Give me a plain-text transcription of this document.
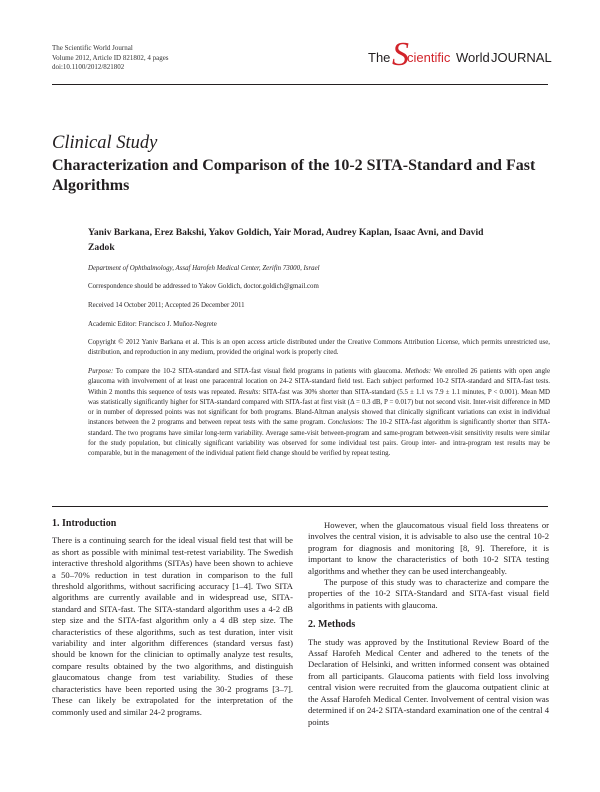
The Scientific World Journal
Volume 2012, Article ID 821802, 4 pages
doi:10.1100/2012/821802
The S
cientific World JOURNAL
Clinical Study
Characterization and Comparison of the 10-2 SITA-Standard and Fast Algorithms
Yaniv Barkana, Erez Bakshi, Yakov Goldich, Yair Morad, Audrey Kaplan, Isaac Avni, and David Zadok
Department of Ophthalmology, Assaf Harofeh Medical Center, Zerifin 73000, Israel
Correspondence should be addressed to Yakov Goldich, doctor.goldich@gmail.com
Received 14 October 2011; Accepted 26 December 2011
Academic Editor: Francisco J. Muñoz-Negrete
Copyright © 2012 Yaniv Barkana et al. This is an open access article distributed under the Creative Commons Attribution License, which permits unrestricted use, distribution, and reproduction in any medium, provided the original work is properly cited.
Purpose: To compare the 10-2 SITA-standard and SITA-fast visual field programs in patients with glaucoma. Methods: We enrolled 26 patients with open angle glaucoma with involvement of at least one paracentral location on 24-2 SITA-standard field test. Each subject performed 10-2 SITA-standard and SITA-fast tests. Within 2 months this sequence of tests was repeated. Results: SITA-fast was 30% shorter than SITA-standard (5.5 ± 1.1 vs 7.9 ± 1.1 minutes, P < 0.001). Mean MD was statistically significantly higher for SITA-standard compared with SITA-fast at first visit (Δ = 0.3 dB, P = 0.017) but not second visit. Inter-visit difference in MD or in number of depressed points was not significant for both programs. Bland-Altman analysis showed that clinically significant variations can exist in individual instances between the 2 programs and between repeat tests with the same program. Conclusions: The 10-2 SITA-fast algorithm is significantly shorter than SITA-standard. The two programs have similar long-term variability. Average same-visit between-program and same-program between-visit sensitivity results were similar for the study population, but clinically significant variability was observed for some individual test pairs. Group inter- and intra-program test results may be comparable, but in the management of the individual patient field change should be verified by repeat testing.

1. Introduction

There is a continuing search for the ideal visual field test that will be as short as possible with minimal test-retest variability. The Swedish interactive threshold algorithms (SITAs) have been shown to achieve a 50–70% reduction in test duration in comparison to the full threshold algorithms, without sacrificing accuracy [1–4]. Two SITA algorithms are currently available and in widespread use, SITA-standard and SITA-fast. The SITA-standard algorithm uses a 4-2 dB step size and the SITA-fast algorithm only a 4 dB step size. The characteristics of these algorithms, such as test duration, inter visit variability and inter algorithm differences (standard versus fast) should be known for the clinician to optimally analyze test results, compare results obtained by the two algorithms, and distinguish glaucomatous change from test variability. Studies of these characteristics have been reported using the 30-2 programs [3–7]. These can likely be extrapolated for the interpretation of the commonly used and similar 24-2 programs.

However, when the glaucomatous visual field loss threatens or involves the central vision, it is advisable to also use the central 10-2 program for diagnosis and monitoring [8, 9]. Therefore, it is important to know the characteristics of both 10-2 SITA testing algorithms and whether they can be used interchangeably.

The purpose of this study was to characterize and compare the properties of the 10-2 SITA-Standard and SITA-fast visual field algorithms in patients with glaucoma.

2. Methods

The study was approved by the Institutional Review Board of the Assaf Harofeh Medical Center and adhered to the tenets of the Declaration of Helsinki, and written informed consent was obtained from all participants. Glaucoma patients with field loss involving central vision were recruited from the glaucoma outpatient clinic at the Assaf Harofeh Medical Center. Involvement of central vision was determined if on 24-2 SITA-standard examination one of the central 4 points
